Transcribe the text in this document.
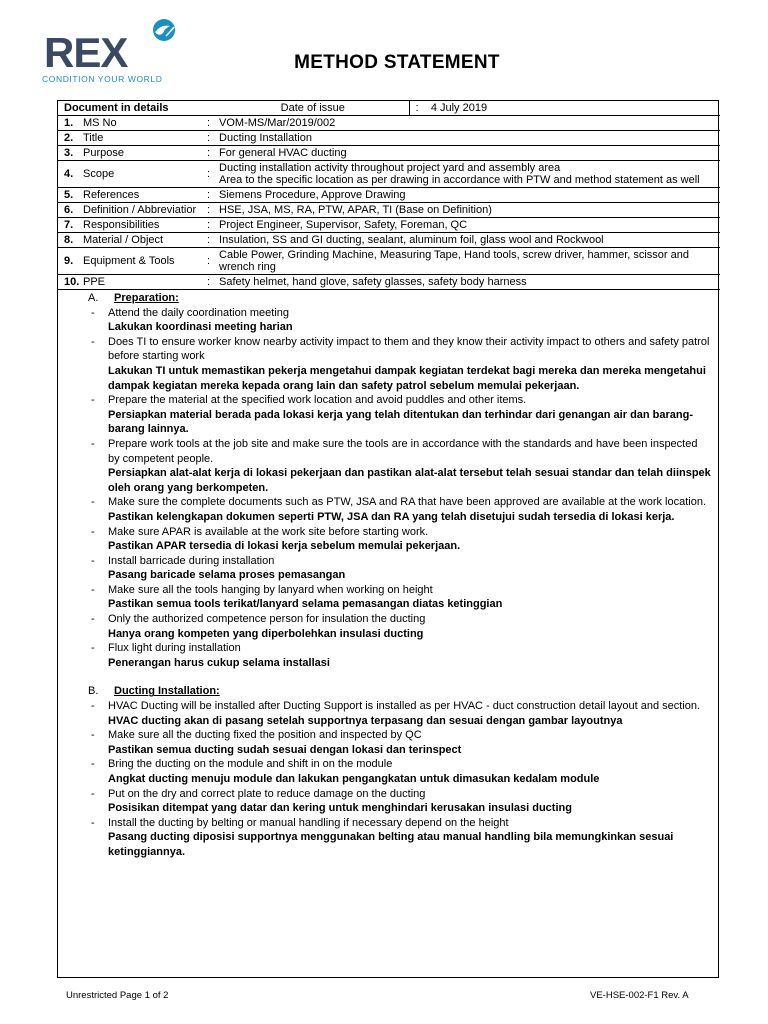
REX

CONDITION YOUR WORLD

METHOD STATEMENT
Document in details			Date of issue	:    4 July 2019
1.	MS No	:	VOM-MS/Mar/2019/002	
2.	Title	:	Ducting Installation	
3.	Purpose	:	For general HVAC ducting	
4.	Scope	:	Ducting installation activity throughout project yard and assembly area
Area to the specific location as per drawing in accordance with PTW and method statement as well	

5.	References	:	Siemens Procedure, Approve Drawing	
6.	Definition / Abbreviatior	:	HSE, JSA, MS, RA, PTW, APAR, TI (Base on Definition)	
7.	Responsibilities	:	Project Engineer, Supervisor, Safety, Foreman, QC	
8.	Material / Object	:	Insulation, SS and GI ducting, sealant, aluminum foil, glass wool and Rockwool	
9.	Equipment & Tools	:	Cable Power, Grinding Machine, Measuring Tape, Hand tools, screw driver, hammer, scissor and wrench ring	
10.	PPE	:	Safety helmet, hand glove, safety glasses, safety body harness	
A.	Preparation:
-	Attend the daily coordination meeting
Lakukan koordinasi meeting harian
-	Does TI to ensure worker know nearby activity impact to them and they know their activity impact to others and safety patrol before starting work
Lakukan TI untuk memastikan pekerja mengetahui dampak kegiatan terdekat bagi mereka dan mereka mengetahui dampak kegiatan mereka kepada orang lain dan safety patrol sebelum memulai pekerjaan.
-	Prepare the material at the specified work location and avoid puddles and other items.
Persiapkan material berada pada lokasi kerja yang telah ditentukan dan terhindar dari genangan air dan barang-barang lainnya.
-	Prepare work tools at the job site and make sure the tools are in accordance with the standards and have been inspected by competent people.
Persiapkan alat-alat kerja di lokasi pekerjaan dan pastikan alat-alat tersebut telah sesuai standar dan telah diinspek oleh orang yang berkompeten.
-	Make sure the complete documents such as PTW, JSA and RA that have been approved are available at the work location.
Pastikan kelengkapan dokumen seperti PTW, JSA dan RA yang telah disetujui sudah tersedia di lokasi kerja.
-	Make sure APAR is available at the work site before starting work.
Pastikan APAR tersedia di lokasi kerja sebelum memulai pekerjaan.
-	Install barricade during installation
Pasang baricade selama proses pemasangan
-	Make sure all the tools hanging by lanyard when working on height
Pastikan semua tools terikat/lanyard selama pemasangan diatas ketinggian
-	Only the authorized competence person for insulation the ducting
Hanya orang kompeten yang diperbolehkan insulasi ducting
-	Flux light during installation
Penerangan harus cukup selama installasi
B.	Ducting Installation:
-	HVAC Ducting will be installed after Ducting Support is installed as per HVAC - duct construction detail layout and section.
HVAC ducting akan di pasang setelah supportnya terpasang dan sesuai dengan gambar layoutnya
-	Make sure all the ducting fixed the position and inspected by QC
Pastikan semua ducting sudah sesuai dengan lokasi dan terinspect
-	Bring the ducting on the module and shift in on the module
Angkat ducting menuju module dan lakukan pengangkatan untuk dimasukan kedalam module
-	Put on the dry and correct plate to reduce damage on the ducting
Posisikan ditempat yang datar dan kering untuk menghindari kerusakan insulasi ducting
-	Install the ducting by belting or manual handling if necessary depend on the height
Pasang ducting diposisi supportnya menggunakan belting atau manual handling bila memungkinkan sesuai ketinggiannya.

Unrestricted Page 1 of 2	VE-HSE-002-F1 Rev. A
